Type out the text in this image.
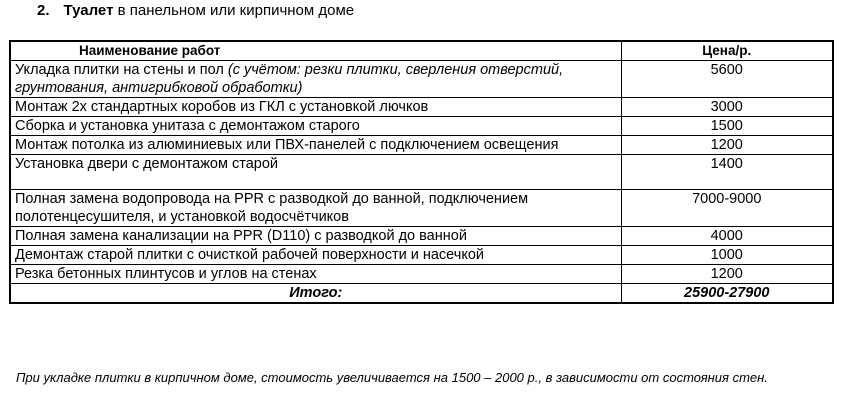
2. Туалет в панельном или кирпичном доме
Наименование работ	Цена/р.
Укладка плитки на стены и пол (с учётом: резки плитки, сверления отверстий, грунтования, антигрибковой обработки)	5600
Монтаж 2х стандартных коробов из ГКЛ с установкой лючков	3000
Сборка и установка унитаза с демонтажом старого	1500
Монтаж потолка из алюминиевых или ПВХ-панелей с подключением освещения	1200
Установка двери с демонтажом старой	1400
Полная замена водопровода на PPR с разводкой до ванной, подключением полотенцесушителя, и установкой водосчётчиков	7000-9000
Полная замена канализации на PPR (D110) с разводкой до ванной	4000
Демонтаж старой плитки с очисткой рабочей поверхности и насечкой	1000
Резка бетонных плинтусов и углов на стенах	1200
Итого:	25900-27900
При укладке плитки в кирпичном доме, стоимость увеличивается на 1500 – 2000 р., в зависимости от состояния стен.
